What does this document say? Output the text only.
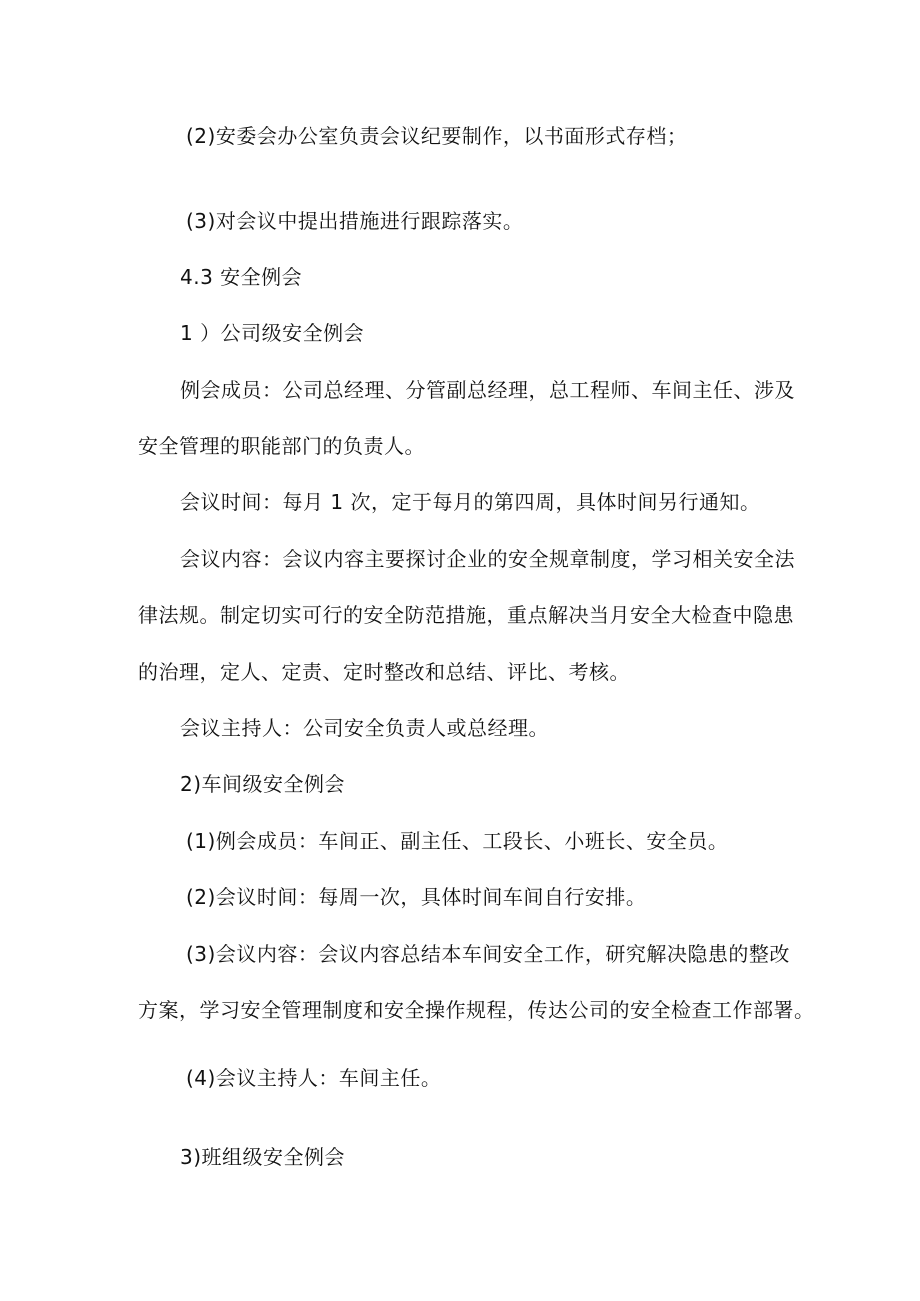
(2)安委会办公室负责会议纪要制作，以书面形式存档；
(3)对会议中提出措施进行跟踪落实。
4.3 安全例会
1 ）公司级安全例会
例会成员：公司总经理、分管副总经理，总工程师、车间主任、涉及
安全管理的职能部门的负责人。
会议时间：每月 1 次，定于每月的第四周，具体时间另行通知。
会议内容：会议内容主要探讨企业的安全规章制度，学习相关安全法
律法规。制定切实可行的安全防范措施，重点解决当月安全大检查中隐患
的治理，定人、定责、定时整改和总结、评比、考核。
会议主持人：公司安全负责人或总经理。
2)车间级安全例会
(1)例会成员：车间正、副主任、工段长、小班长、安全员。
(2)会议时间：每周一次，具体时间车间自行安排。
(3)会议内容：会议内容总结本车间安全工作，研究解决隐患的整改
方案，学习安全管理制度和安全操作规程，传达公司的安全检查工作部署。
(4)会议主持人：车间主任。
3)班组级安全例会
